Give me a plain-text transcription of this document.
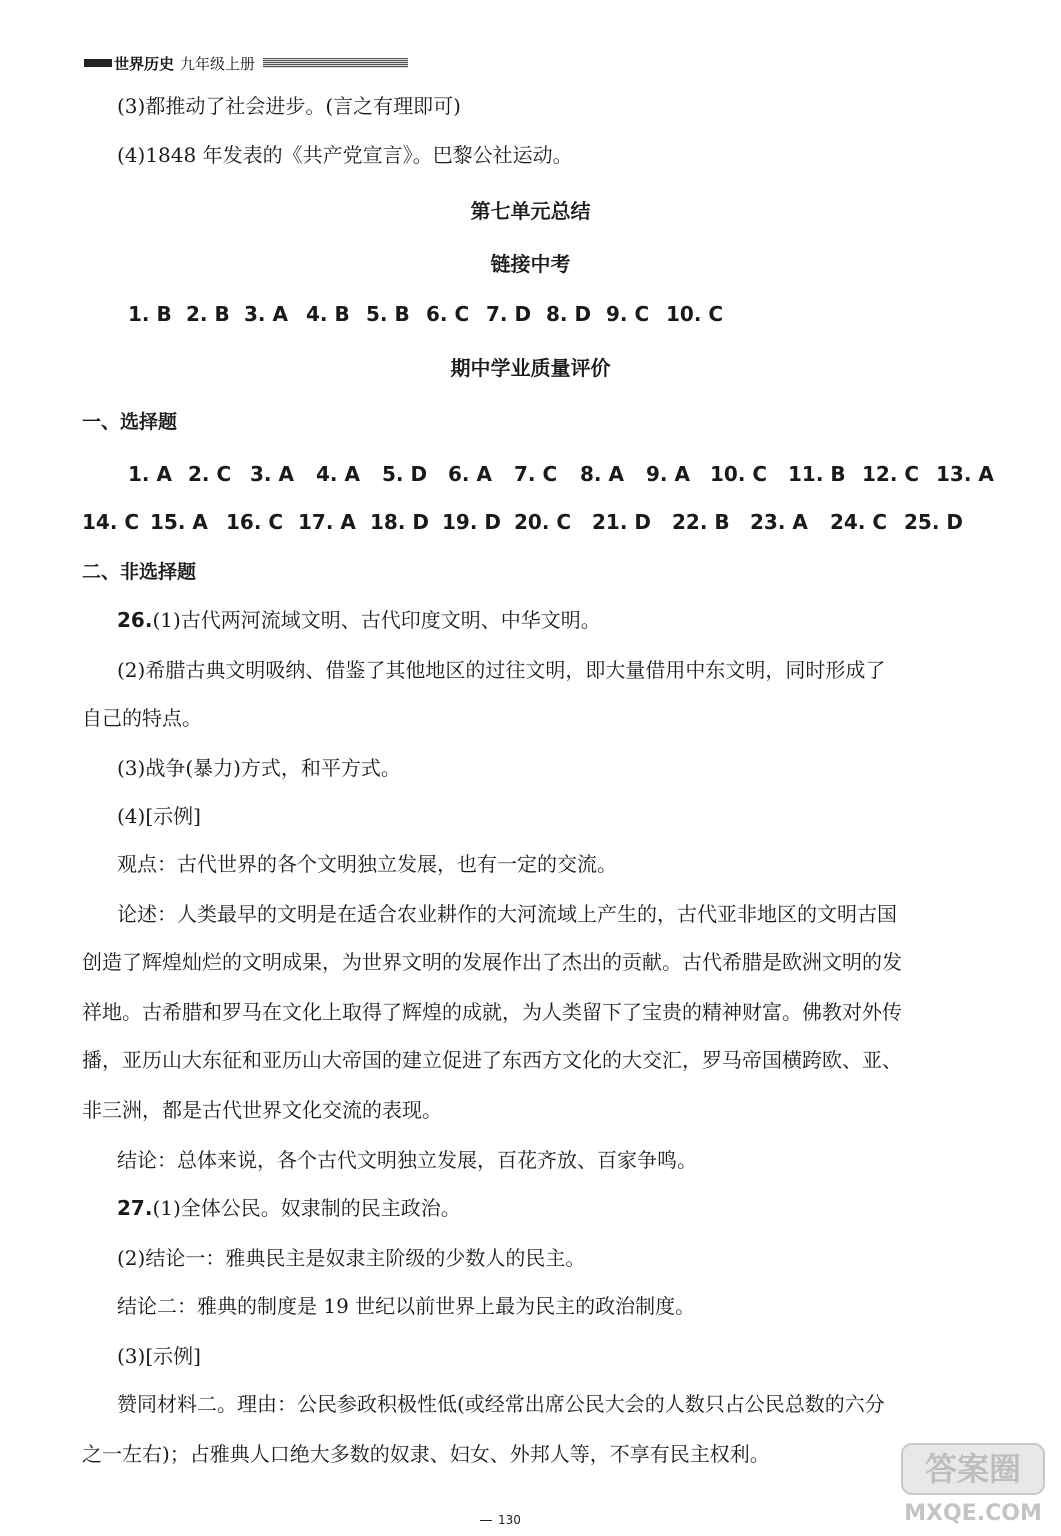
世界历史 九年级上册
(3)都推动了社会进步。(言之有理即可)
(4)1848 年发表的《共产党宣言》。巴黎公社运动。
第七单元总结
链接中考
1. B 2. B 3. A 4. B 5. B 6. C 7. D 8. D 9. C 10. C
期中学业质量评价
一、选择题
1. A 2. C 3. A 4. A 5. D 6. A 7. C 8. A 9. A 10. C 11. B 12. C 13. A
14. C 15. A 16. C 17. A 18. D 19. D 20. C 21. D 22. B 23. A 24. C 25. D
二、非选择题
26.(1)古代两河流域文明、古代印度文明、中华文明。
(2)希腊古典文明吸纳、借鉴了其他地区的过往文明，即大量借用中东文明，同时形成了
自己的特点。
(3)战争(暴力)方式，和平方式。
(4)[示例]
观点：古代世界的各个文明独立发展，也有一定的交流。
论述：人类最早的文明是在适合农业耕作的大河流域上产生的，古代亚非地区的文明古国
创造了辉煌灿烂的文明成果，为世界文明的发展作出了杰出的贡献。古代希腊是欧洲文明的发
祥地。古希腊和罗马在文化上取得了辉煌的成就，为人类留下了宝贵的精神财富。佛教对外传
播，亚历山大东征和亚历山大帝国的建立促进了东西方文化的大交汇，罗马帝国横跨欧、亚、
非三洲，都是古代世界文化交流的表现。
结论：总体来说，各个古代文明独立发展，百花齐放、百家争鸣。
27.(1)全体公民。奴隶制的民主政治。
(2)结论一：雅典民主是奴隶主阶级的少数人的民主。
结论二：雅典的制度是 19 世纪以前世界上最为民主的政治制度。
(3)[示例]
赞同材料二。理由：公民参政积极性低(或经常出席公民大会的人数只占公民总数的六分
之一左右)；占雅典人口绝大多数的奴隶、妇女、外邦人等，不享有民主权利。
130
答案圈
MXQE.COM
